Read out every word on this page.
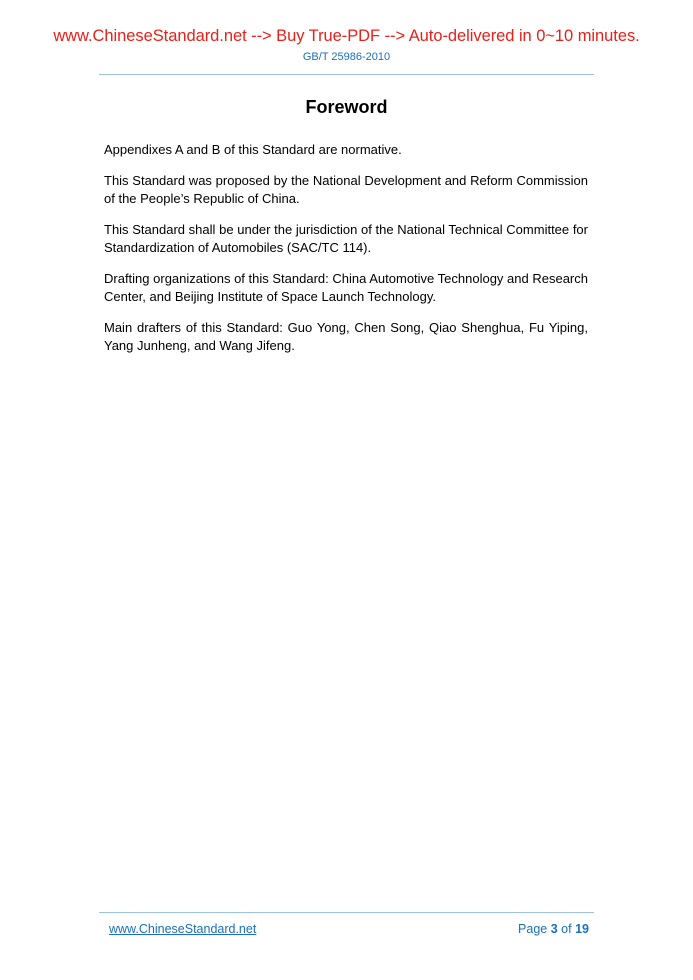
www.ChineseStandard.net --> Buy True-PDF --> Auto-delivered in 0~10 minutes.
GB/T 25986-2010
Foreword

Appendixes A and B of this Standard are normative.

This Standard was proposed by the National Development and Reform Commission of the People’s Republic of China.

This Standard shall be under the jurisdiction of the National Technical Committee for Standardization of Automobiles (SAC/TC 114).

Drafting organizations of this Standard: China Automotive Technology and Research Center, and Beijing Institute of Space Launch Technology.

Main drafters of this Standard: Guo Yong, Chen Song, Qiao Shenghua, Fu Yiping, Yang Junheng, and Wang Jifeng.

www.ChineseStandard.net	Page 3 of 19
